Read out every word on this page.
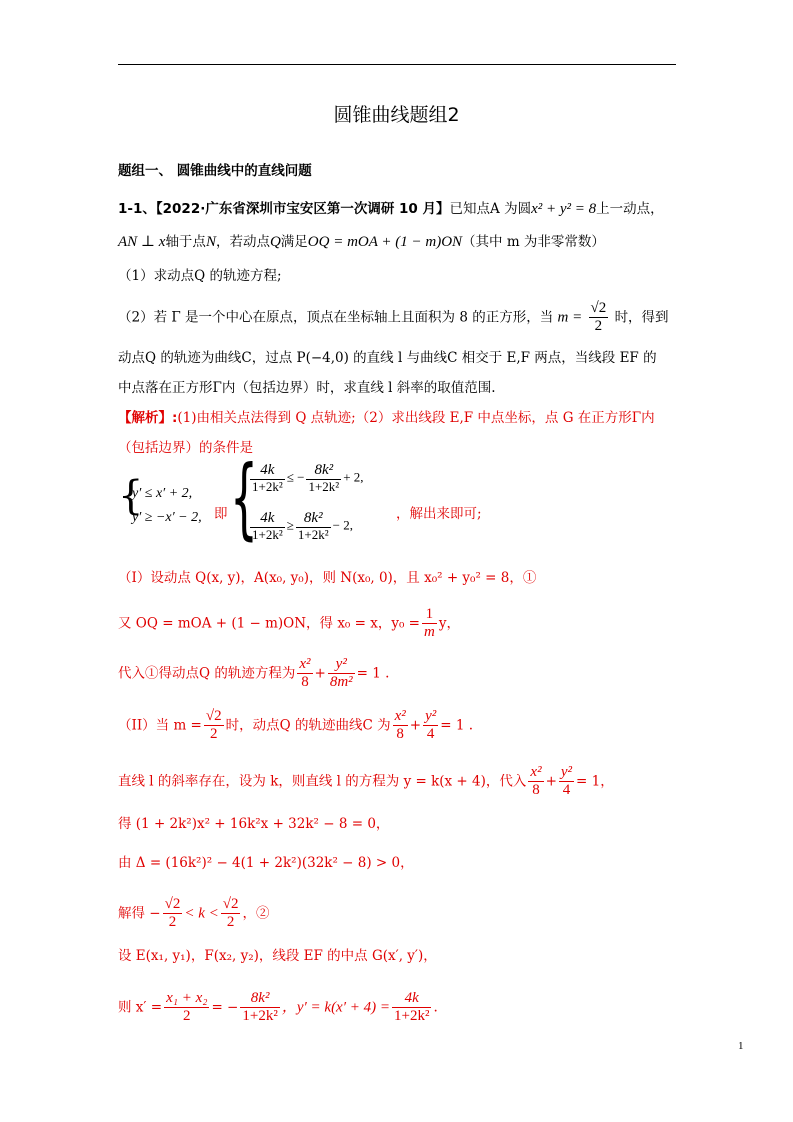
圆锥曲线题组2
题组一、 圆锥曲线中的直线问题
1-1、【2022·广东省深圳市宝安区第一次调研 10 月】已知点A 为圆x² + y² = 8上一动点，
AN ⊥ x轴于点N，若动点Q满足OQ = mOA + (1 − m)ON（其中 m 为非零常数）
（1）求动点Q 的轨迹方程;
（2）若 Γ 是一个中心在原点，顶点在坐标轴上且面积为 8 的正方形，当 $m = \frac{√2}{2}$ 时，得到
动点Q 的轨迹为曲线C，过点 P(−4,0) 的直线 l 与曲线C 相交于 E,F 两点，当线段 EF 的
中点落在正方形Γ内（包括边界）时，求直线 l 斜率的取值范围.
【解析】:(1)由相关点法得到 Q 点轨迹;（2）求出线段 E,F 中点坐标，点 G 在正方形Γ内
（包括边界）的条件是
{
y′ ≤ x′ + 2,
y′ ≥ −x′ − 2, 即 {
$\frac{4k}{\text{1+2k²}}$ ≤ − $\frac{\text{8k²}}{\text{1+2k²}} + 2$,
$\frac{4k}{\text{1+2k²}} \ge \frac{\text{8k²}}{\text{1+2k²}} - 2$,
，解出来即可;
（I）设动点 Q(x, y)，A(x₀, y₀)，则 N(x₀, 0)，且 x₀² + y₀² = 8，①
又 OQ = mOA + (1 − m)ON，得 x₀ = x，$y_0 = \frac{1}{m}$ y，
代入①得动点Q 的轨迹方程为 $\frac{\text{x²}}{8} + \frac{\text{y²}}{\text{8m²}} = 1$ .
（II）当 $m = \frac{√2}{2}$ 时，动点Q 的轨迹曲线C 为 $\frac{\text{x²}}{8} + \frac{\text{y²}}{4} = 1$ .
直线 l 的斜率存在，设为 k，则直线 l 的方程为 y = k(x + 4)，代入 $\frac{\text{x²}}{8} + \frac{\text{y²}}{4} = 1$，
得 (1 + 2k²)x² + 16k²x + 32k² − 8 = 0，
由 Δ = (16k²)² − 4(1 + 2k²)(32k² − 8) > 0，
解得 − $\frac{√2}{2} < k < \frac{√2}{2}$ ，②
设 E(x₁, y₁)，F(x₂, y₂)，线段 EF 的中点 G(x′, y′)，
则 $x' = \frac{\text{x₁ + x₂}}{2}$ = − $\frac{\text{8k²}}{\text{1+2k²}}$ ，$y' = k(x' + 4) = \frac{4k}{\text{1+2k²}}$ .
1
